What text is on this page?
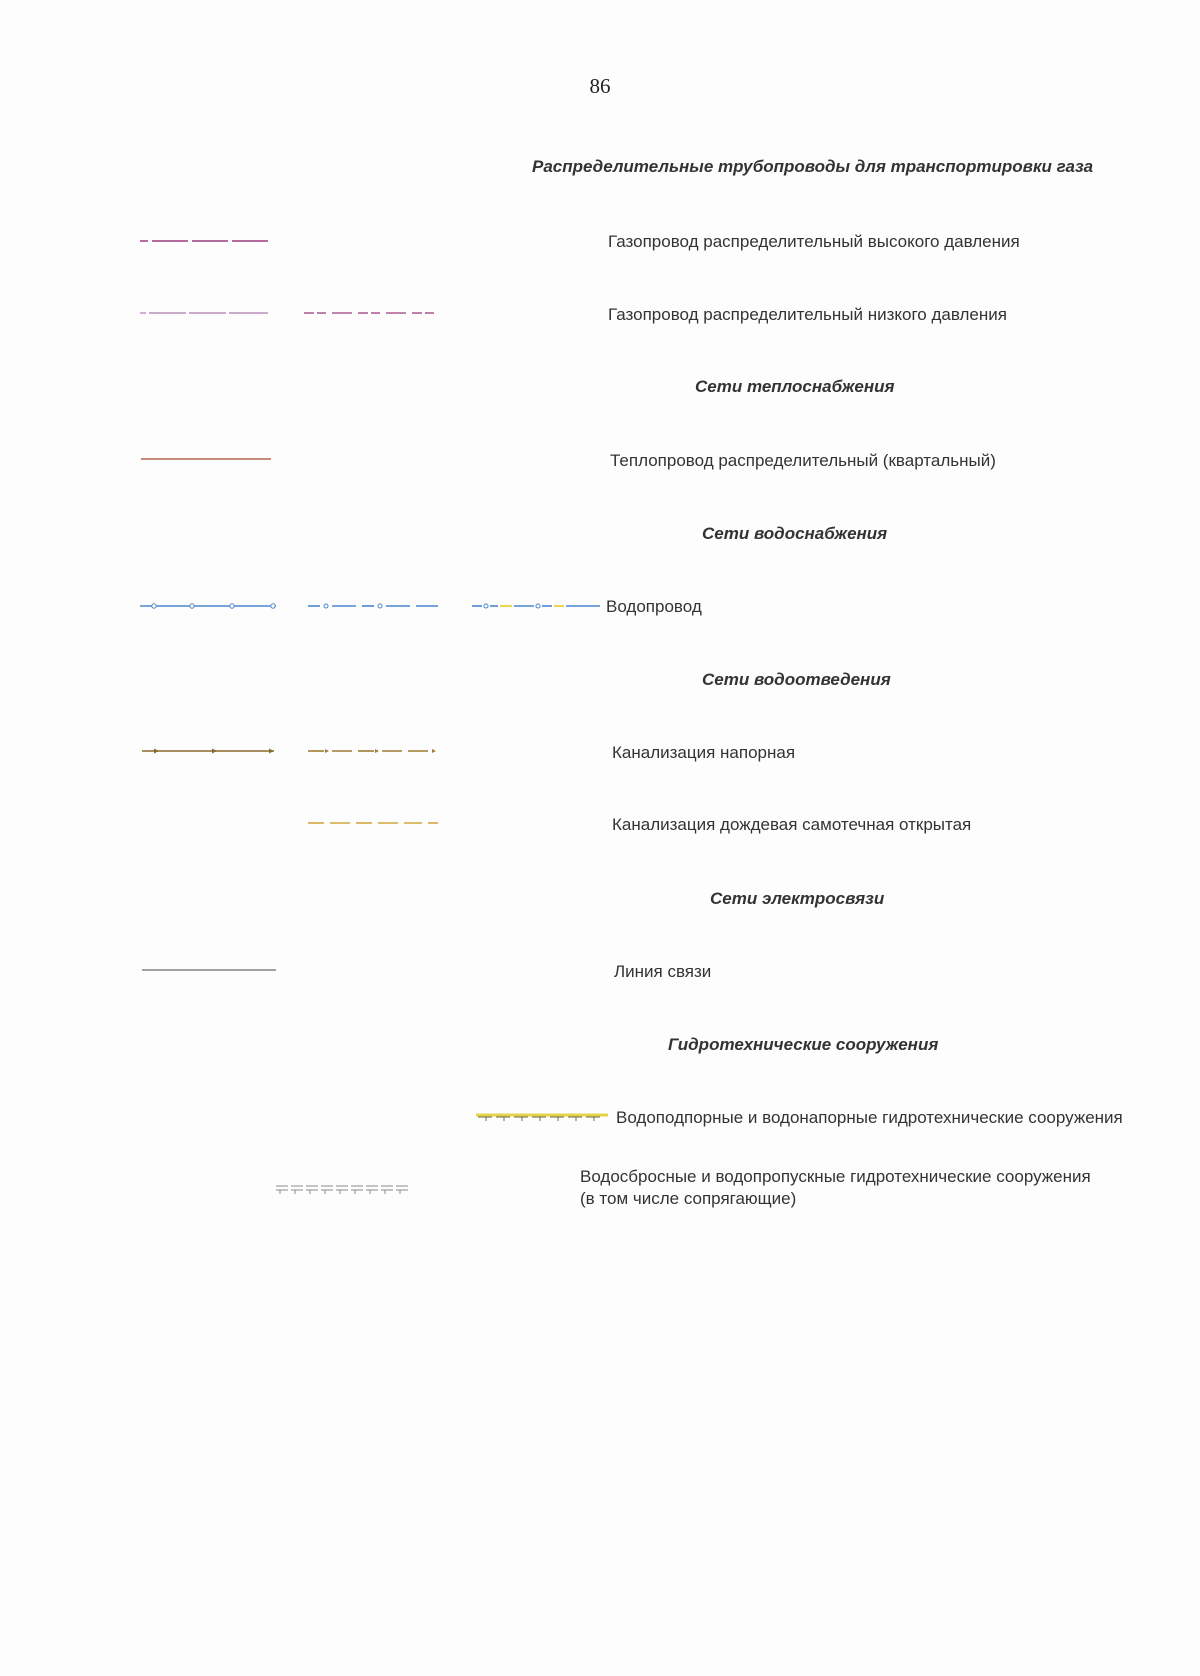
86
Распределительные трубопроводы для транспортировки газа
Газопровод распределительный высокого давления
Газопровод распределительный низкого давления
Сети теплоснабжения
Теплопровод распределительный (квартальный)
Сети водоснабжения
Водопровод
Сети водоотведения
Канализация напорная
Канализация дождевая самотечная открытая
Сети электросвязи
Линия связи
Гидротехнические сооружения
Водоподпорные и водонапорные гидротехнические сооружения
Водосбросные и водопропускные гидротехнические сооружения
(в том числе сопрягающие)
